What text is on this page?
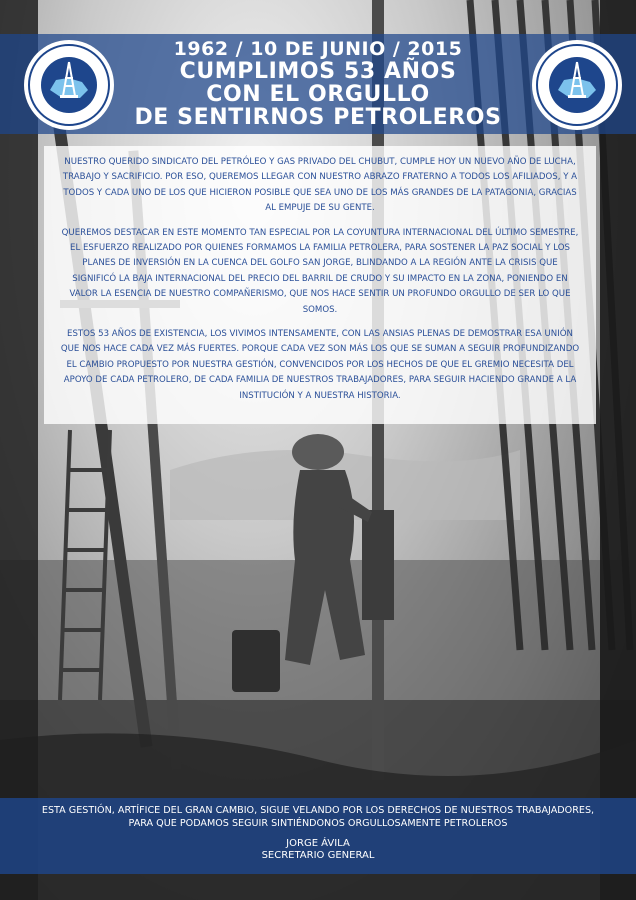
1962 / 10 DE JUNIO / 2015
CUMPLIMOS 53 AÑOS
CON EL ORGULLO
DE SENTIRNOS PETROLEROS

NUESTRO QUERIDO SINDICATO DEL PETRÓLEO Y GAS PRIVADO DEL CHUBUT, CUMPLE HOY UN NUEVO AÑO DE LUCHA, TRABAJO Y SACRIFICIO. POR ESO, QUEREMOS LLEGAR CON NUESTRO ABRAZO FRATERNO A TODOS LOS AFILIADOS, Y A TODOS Y CADA UNO DE LOS QUE HICIERON POSIBLE QUE SEA UNO DE LOS MÁS GRANDES DE LA PATAGONIA, GRACIAS AL EMPUJE DE SU GENTE.

QUEREMOS DESTACAR EN ESTE MOMENTO TAN ESPECIAL POR LA COYUNTURA INTERNACIONAL DEL ÚLTIMO SEMESTRE, EL ESFUERZO REALIZADO POR QUIENES FORMAMOS LA FAMILIA PETROLERA, PARA SOSTENER LA PAZ SOCIAL Y LOS PLANES DE INVERSIÓN EN LA CUENCA DEL GOLFO SAN JORGE, BLINDANDO A LA REGIÓN ANTE LA CRISIS QUE SIGNIFICÓ LA BAJA INTERNACIONAL DEL PRECIO DEL BARRIL DE CRUDO Y SU IMPACTO EN LA ZONA, PONIENDO EN VALOR LA ESENCIA DE NUESTRO COMPAÑERISMO, QUE NOS HACE SENTIR UN PROFUNDO ORGULLO DE SER LO QUE SOMOS.

ESTOS 53 AÑOS DE EXISTENCIA, LOS VIVIMOS INTENSAMENTE, CON LAS ANSIAS PLENAS DE DEMOSTRAR ESA UNIÓN QUE NOS HACE CADA VEZ MÁS FUERTES. PORQUE CADA VEZ SON MÁS LOS QUE SE SUMAN A SEGUIR PROFUNDIZANDO EL CAMBIO PROPUESTO POR NUESTRA GESTIÓN, CONVENCIDOS POR LOS HECHOS DE QUE EL GREMIO NECESITA DEL APOYO DE CADA PETROLERO, DE CADA FAMILIA DE NUESTROS TRABAJADORES, PARA SEGUIR HACIENDO GRANDE A LA INSTITUCIÓN Y A NUESTRA HISTORIA.

ESTA GESTIÓN, ARTÍFICE DEL GRAN CAMBIO, SIGUE VELANDO POR LOS DERECHOS DE NUESTROS TRABAJADORES, PARA QUE PODAMOS SEGUIR SINTIÉNDONOS ORGULLOSAMENTE PETROLEROS
JORGE ÁVILA
SECRETARIO GENERAL
